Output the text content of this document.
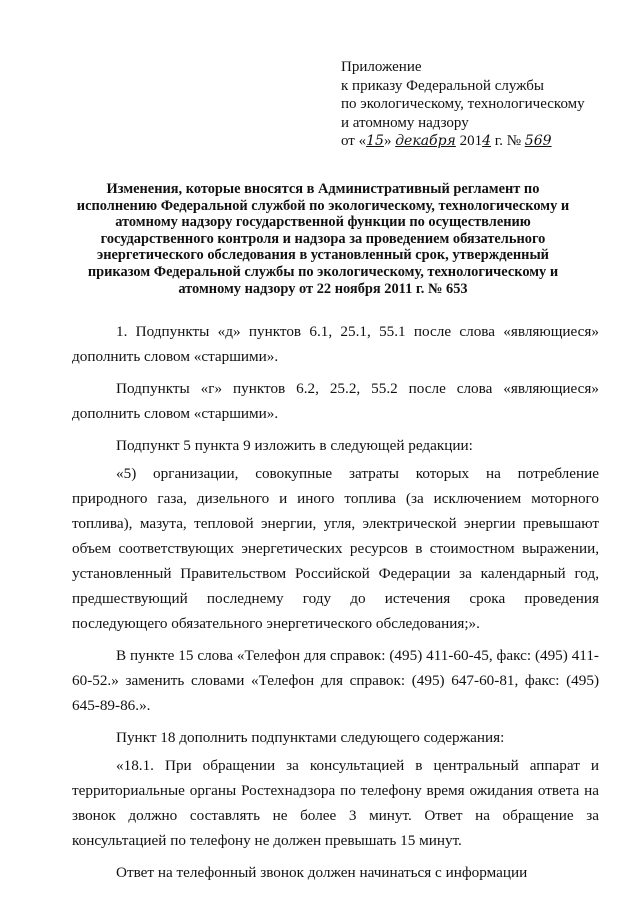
Приложение
к приказу Федеральной службы
по экологическому, технологическому
и атомному надзору
от «15» декабря 2014 г. № 569
Изменения, которые вносятся в Административный регламент по исполнению Федеральной службой по экологическому, технологическому и атомному надзору государственной функции по осуществлению государственного контроля и надзора за проведением обязательного энергетического обследования в установленный срок, утвержденный приказом Федеральной службы по экологическому, технологическому и атомному надзору от 22 ноября 2011 г. № 653

1. Подпункты «д» пунктов 6.1, 25.1, 55.1 после слова «являющиеся» дополнить словом «старшими».

Подпункты «г» пунктов 6.2, 25.2, 55.2 после слова «являющиеся» дополнить словом «старшими».

Подпункт 5 пункта 9 изложить в следующей редакции:

«5) организации, совокупные затраты которых на потребление природного газа, дизельного и иного топлива (за исключением моторного топлива), мазута, тепловой энергии, угля, электрической энергии превышают объем соответствующих энергетических ресурсов в стоимостном выражении, установленный Правительством Российской Федерации за календарный год, предшествующий последнему году до истечения срока проведения последующего обязательного энергетического обследования;».

В пункте 15 слова «Телефон для справок: (495) 411-60-45, факс: (495) 411-60-52.» заменить словами «Телефон для справок: (495) 647-60-81, факс: (495) 645-89-86.».

Пункт 18 дополнить подпунктами следующего содержания:

«18.1. При обращении за консультацией в центральный аппарат и территориальные органы Ростехнадзора по телефону время ожидания ответа на звонок должно составлять не более 3 минут. Ответ на обращение за консультацией по телефону не должен превышать 15 минут.

Ответ на телефонный звонок должен начинаться с информации
